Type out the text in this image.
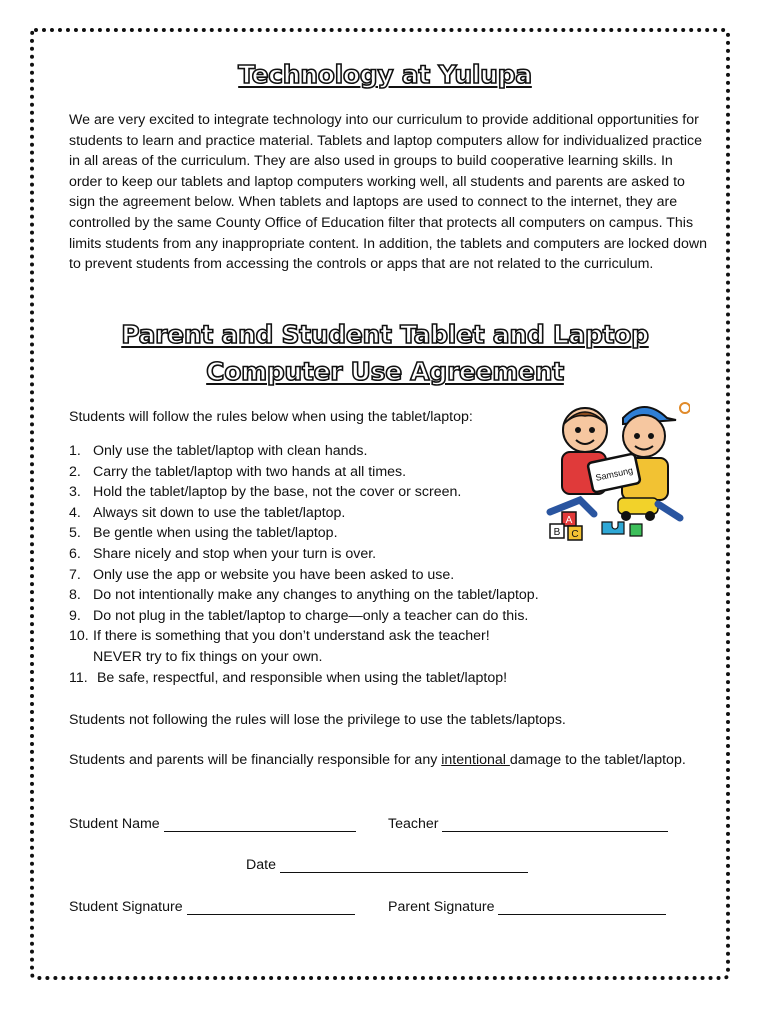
Technology at Yulupa

We are very excited to integrate technology into our curriculum to provide additional opportunities for students to learn and practice material. Tablets and laptop computers allow for individualized practice in all areas of the curriculum. They are also used in groups to build cooperative learning skills. In order to keep our tablets and laptop computers working well, all students and parents are asked to sign the agreement below. When tablets and laptops are used to connect to the internet, they are controlled by the same County Office of Education filter that protects all computers on campus. This limits students from any inappropriate content. In addition, the tablets and computers are locked down to prevent students from accessing the controls or apps that are not related to the curriculum.

Parent and Student Tablet and Laptop
Computer Use Agreement

Students will follow the rules below when using the tablet/laptop:

1. Only use the tablet/laptop with clean hands.
2. Carry the tablet/laptop with two hands at all times.
3. Hold the tablet/laptop by the base, not the cover or screen.
4. Always sit down to use the tablet/laptop.
5. Be gentle when using the tablet/laptop.
6. Share nicely and stop when your turn is over.
7. Only use the app or website you have been asked to use.
8. Do not intentionally make any changes to anything on the tablet/laptop.
9. Do not plug in the tablet/laptop to charge—only a teacher can do this.
10. If there is something that you don’t understand ask the teacher!
NEVER try to fix things on your own.
11. Be safe, respectful, and responsible when using the tablet/laptop!

Students not following the rules will lose the privilege to use the tablets/laptops.

Students and parents will be financially responsible for any intentional damage to the tablet/laptop.

Student Name	Teacher
Date
Student Signature	Parent Signature
Samsung
A
B C
